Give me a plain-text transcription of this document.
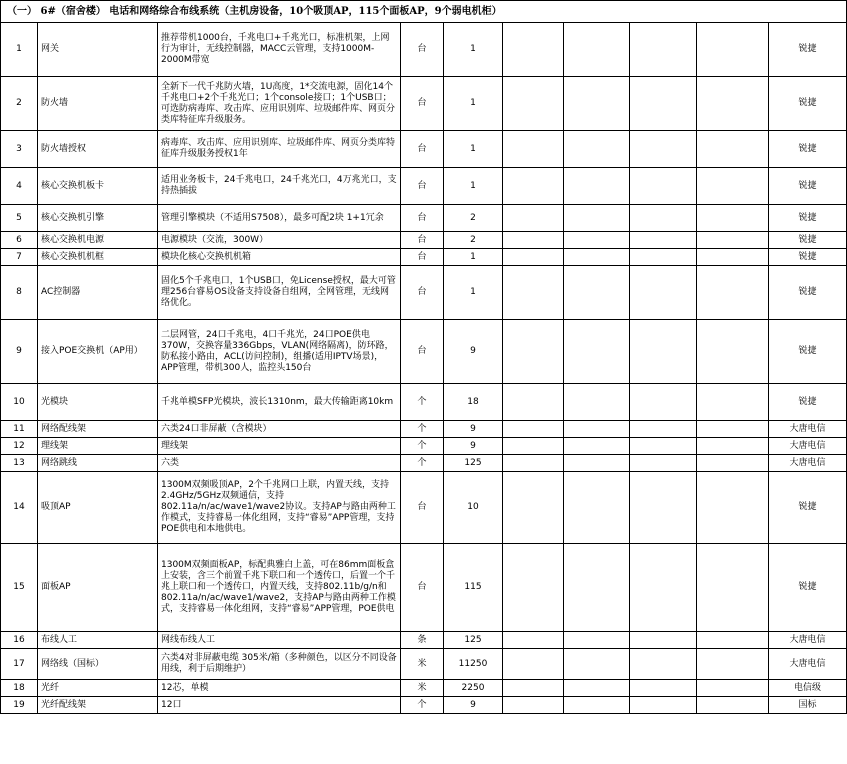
（一） 6#（宿舍楼） 电话和网络综合布线系统（主机房设备，10个吸顶AP，115个面板AP，9个弱电机柜）									
1	网关	推荐带机1000台，千兆电口+千兆光口，标准机架，上网行为审计，无线控制器，MACC云管理，支持1000M-2000M带宽	台	1					锐捷
2	防火墙	全新下一代千兆防火墙，1U高度，1*交流电源，固化14个千兆电口+2个千兆光口；1个console接口；1个USB口；可选防病毒库、攻击库、应用识别库、垃圾邮件库、网页分类库特征库升级服务。	台	1					锐捷
3	防火墙授权	病毒库、攻击库、应用识别库、垃圾邮件库、网页分类库特征库升级服务授权1年	台	1					锐捷
4	核心交换机板卡	适用业务板卡，24千兆电口，24千兆光口，4万兆光口，支持热插拔	台	1					锐捷
5	核心交换机引擎	管理引擎模块（不适用S7508），最多可配2块 1+1冗余	台	2					锐捷
6	核心交换机电源	电源模块（交流，300W）	台	2					锐捷
7	核心交换机机框	模块化核心交换机机箱	台	1					锐捷
8	AC控制器	固化5个千兆电口，1个USB口，免License授权，最大可管理256台睿易OS设备支持设备自组网，全网管理，无线网络优化。	台	1					锐捷
9	接入POE交换机（AP用）	二层网管，24口千兆电，4口千兆光，24口POE供电370W，交换容量336Gbps，VLAN(网络隔离)，防环路，防私接小路由，ACL(访问控制)，组播(适用IPTV场景)，APP管理，带机300人，监控头150台	台	9					锐捷
10	光模块	千兆单模SFP光模块，波长1310nm，最大传输距离10km	个	18					锐捷
11	网络配线架	六类24口非屏蔽（含模块）	个	9					大唐电信
12	理线架	理线架	个	9					大唐电信
13	网络跳线	六类	个	125					大唐电信
14	吸顶AP	1300M双频吸顶AP，2个千兆网口上联，内置天线，支持2.4GHz/5GHz双频通信，支持802.11a/n/ac/wave1/wave2协议。支持AP与路由两种工作模式，支持睿易一体化组网，支持“睿易”APP管理，支持POE供电和本地供电。	台	10					锐捷
15	面板AP	1300M双频面板AP，标配典雅白上盖，可在86mm面板盒上安装，含三个前置千兆下联口和一个透传口，后置一个千兆上联口和一个透传口，内置天线，支持802.11b/g/n和802.11a/n/ac/wave1/wave2，支持AP与路由两种工作模式，支持睿易一体化组网，支持“睿易”APP管理，POE供电	台	115					锐捷
16	布线人工	网线布线人工	条	125					大唐电信
17	网络线（国标）	六类4对非屏蔽电缆 305米/箱（多种颜色，以区分不同设备用线，利于后期维护）	米	11250					大唐电信
18	光纤	12芯，单模	米	2250					电信级
19	光纤配线架	12口	个	9					国标
